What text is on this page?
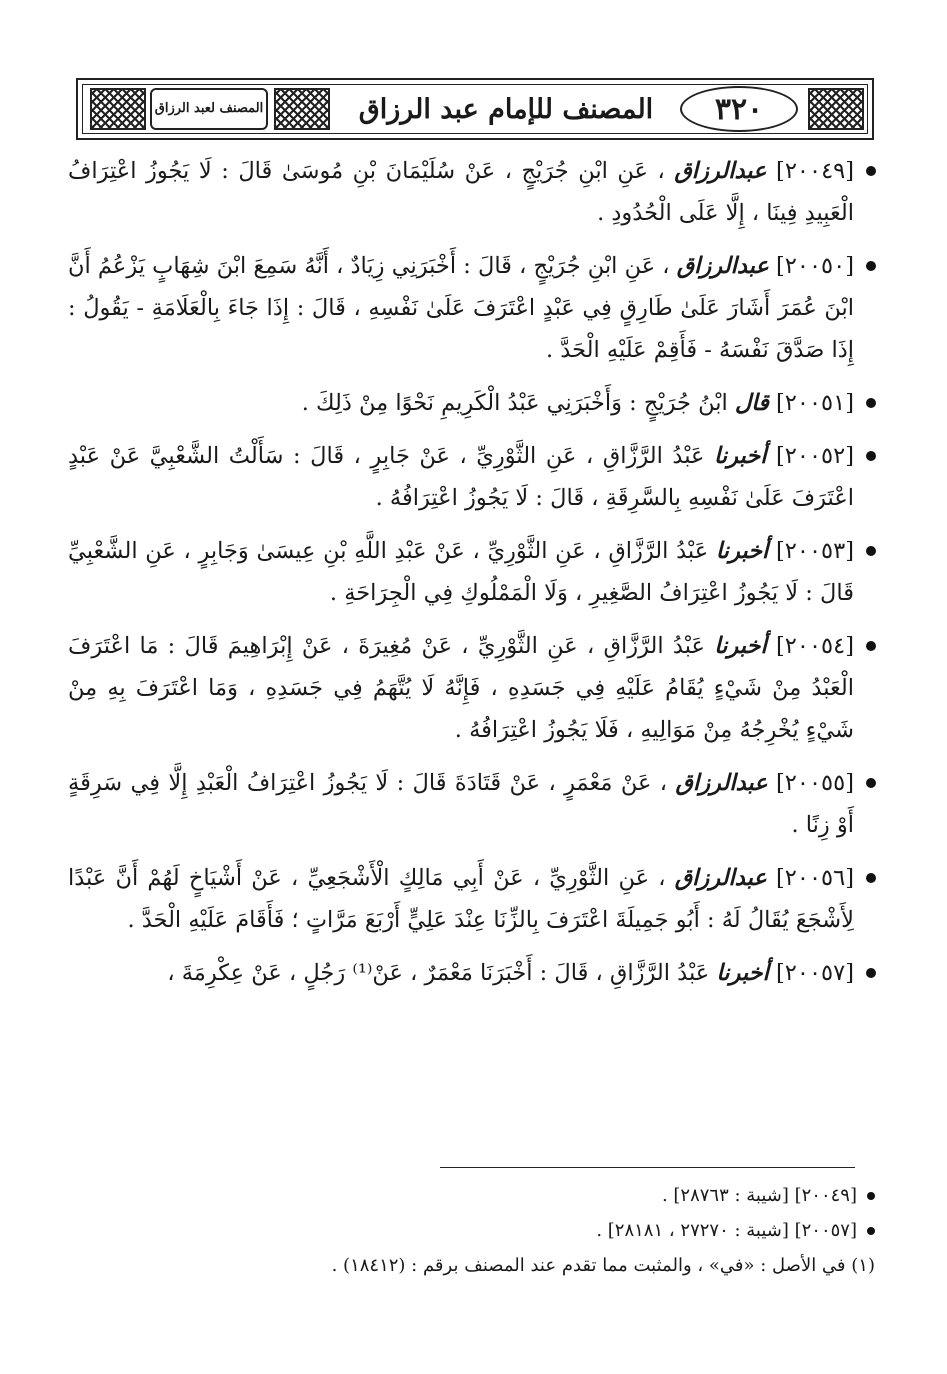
المصنف لعبد الرزاق	المصنف للإمام عبد الرزاق	٣٢٠
[٢٠٠٤٩] عبدالرزاق ، عَنِ ابْنِ جُرَيْجٍ ، عَنْ سُلَيْمَانَ بْنِ مُوسَىٰ قَالَ : لَا يَجُوزُ اعْتِرَافُ الْعَبِيدِ فِينَا ، إِلَّا عَلَى الْحُدُودِ .
[٢٠٠٥٠] عبدالرزاق ، عَنِ ابْنِ جُرَيْجٍ ، قَالَ : أَخْبَرَنِي زِيَادٌ ، أَنَّهُ سَمِعَ ابْنَ شِهَابٍ يَزْعُمُ أَنَّ ابْنَ عُمَرَ أَشَارَ عَلَىٰ طَارِقٍ فِي عَبْدٍ اعْتَرَفَ عَلَىٰ نَفْسِهِ ، قَالَ : إِذَا جَاءَ بِالْعَلَامَةِ - يَقُولُ : إِذَا صَدَّقَ نَفْسَهُ - فَأَقِمْ عَلَيْهِ الْحَدَّ .
[٢٠٠٥١] قال ابْنُ جُرَيْجٍ : وَأَخْبَرَنِي عَبْدُ الْكَرِيمِ نَحْوًا مِنْ ذَلِكَ .
[٢٠٠٥٢] أخبرنا عَبْدُ الرَّزَّاقِ ، عَنِ الثَّوْرِيِّ ، عَنْ جَابِرٍ ، قَالَ : سَأَلْتُ الشَّعْبِيَّ عَنْ عَبْدٍ اعْتَرَفَ عَلَىٰ نَفْسِهِ بِالسَّرِقَةِ ، قَالَ : لَا يَجُوزُ اعْتِرَافُهُ .
[٢٠٠٥٣] أخبرنا عَبْدُ الرَّزَّاقِ ، عَنِ الثَّوْرِيِّ ، عَنْ عَبْدِ اللَّهِ بْنِ عِيسَىٰ وَجَابِرٍ ، عَنِ الشَّعْبِيِّ قَالَ : لَا يَجُوزُ اعْتِرَافُ الصَّغِيرِ ، وَلَا الْمَمْلُوكِ فِي الْجِرَاحَةِ .
[٢٠٠٥٤] أخبرنا عَبْدُ الرَّزَّاقِ ، عَنِ الثَّوْرِيِّ ، عَنْ مُغِيرَةَ ، عَنْ إِبْرَاهِيمَ قَالَ : مَا اعْتَرَفَ الْعَبْدُ مِنْ شَيْءٍ يُقَامُ عَلَيْهِ فِي جَسَدِهِ ، فَإِنَّهُ لَا يُتَّهَمُ فِي جَسَدِهِ ، وَمَا اعْتَرَفَ بِهِ مِنْ شَيْءٍ يُخْرِجُهُ مِنْ مَوَالِيهِ ، فَلَا يَجُوزُ اعْتِرَافُهُ .
[٢٠٠٥٥] عبدالرزاق ، عَنْ مَعْمَرٍ ، عَنْ قَتَادَةَ قَالَ : لَا يَجُوزُ اعْتِرَافُ الْعَبْدِ إِلَّا فِي سَرِقَةٍ أَوْ زِنًا .
[٢٠٠٥٦] عبدالرزاق ، عَنِ الثَّوْرِيِّ ، عَنْ أَبِي مَالِكٍ الْأَشْجَعِيِّ ، عَنْ أَشْيَاخٍ لَهُمْ أَنَّ عَبْدًا لِأَشْجَعَ يُقَالُ لَهُ : أَبُو جَمِيلَةَ اعْتَرَفَ بِالزِّنَا عِنْدَ عَلِيٍّ أَرْبَعَ مَرَّاتٍ ؛ فَأَقَامَ عَلَيْهِ الْحَدَّ .
[٢٠٠٥٧] أخبرنا عَبْدُ الرَّزَّاقِ ، قَالَ : أَخْبَرَنَا مَعْمَرٌ ، عَنْ⁽¹⁾ رَجُلٍ ، عَنْ عِكْرِمَةَ ،
[٢٠٠٤٩] [شيبة : ٢٨٧٦٣] .
[٢٠٠٥٧] [شيبة : ٢٧٢٧٠ ، ٢٨١٨١] .
(١) في الأصل : «في» ، والمثبت مما تقدم عند المصنف برقم : (١٨٤١٢) .
